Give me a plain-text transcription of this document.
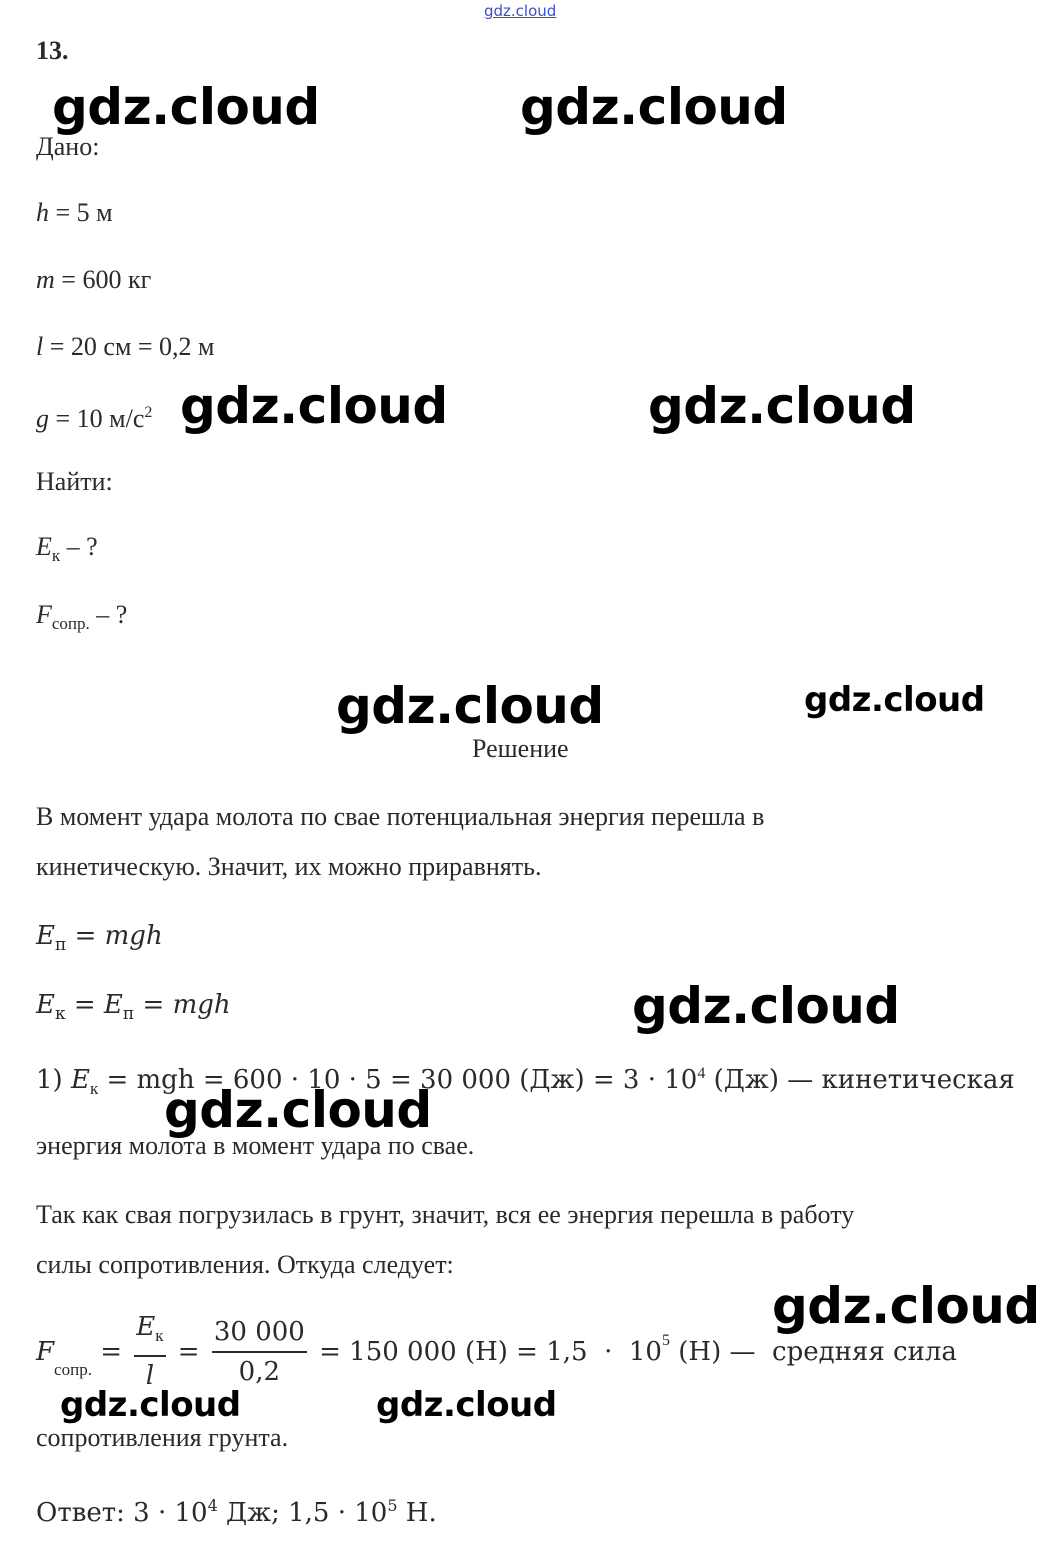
gdz.cloud
13.
Дано:
h = 5 м
m = 600 кг
l = 20 см = 0,2 м
g = 10 $м/с^2$
Найти:
$E_к$ – ?
$F_{сопр.}$ – ?
Решение
В момент удара молота по свае потенциальная энергия перешла в
кинетическую. Значит, их можно приравнять.
$E_п$ = mgh
$E_к = E_п$ = mgh
1) $E_к$ = mgh = 600 · 10 · 5 = 30 000 $(Дж) = 3 \cdot 10^4$ (Дж) — кинетическая
энергия молота в момент удара по свае.
Так как свая погрузилась в грунт, значит, вся ее энергия перешла в работу
силы сопротивления. Откуда следует:
F
$_{сопр.}$
= $\frac{E_к}{l} = \frac{30 000}{0,2} = 150$ 000 $(Н) = 1,5 \cdot 10^5$ (Н) —  средняя сила
сопротивления грунта.
Ответ: $3 \cdot 10^4$ Дж; $1,5 \cdot 10^5$ Н.
gdz.cloud	gdz.cloud
gdz.cloud	gdz.cloud
gdz.cloud	gdz.cloud
gdz.cloud
gdz.cloud
gdz.cloud
gdz.cloud	gdz.cloud
